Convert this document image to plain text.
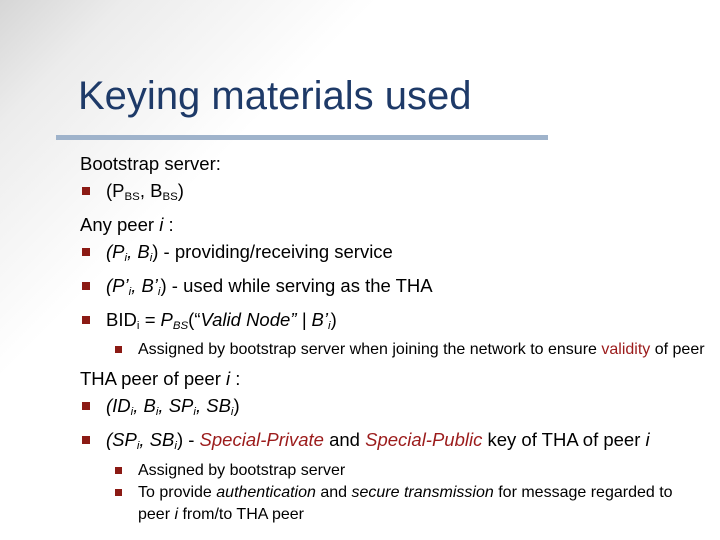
Keying materials used
Bootstrap server:
($P_{BS}$, $B_{BS}$)
Any peer i :
($P_i$, $B_i$) - providing/receiving service
($P’_i$, $B’_i$) - used while serving as the THA
$BID_i$ = $P_{BS}(“Valid$ Node” | $B’_i$)
Assigned by bootstrap server when joining the network to ensure validity of peer
THA peer of peer i :
($ID_i$, $B_i$, $SP_i$, $SB_i$)
($SP_i$, $SB_i$) - Special-Private and Special-Public key of THA of peer i
Assigned by bootstrap server
To provide authentication and secure transmission for message regarded to peer i from/to THA peer
